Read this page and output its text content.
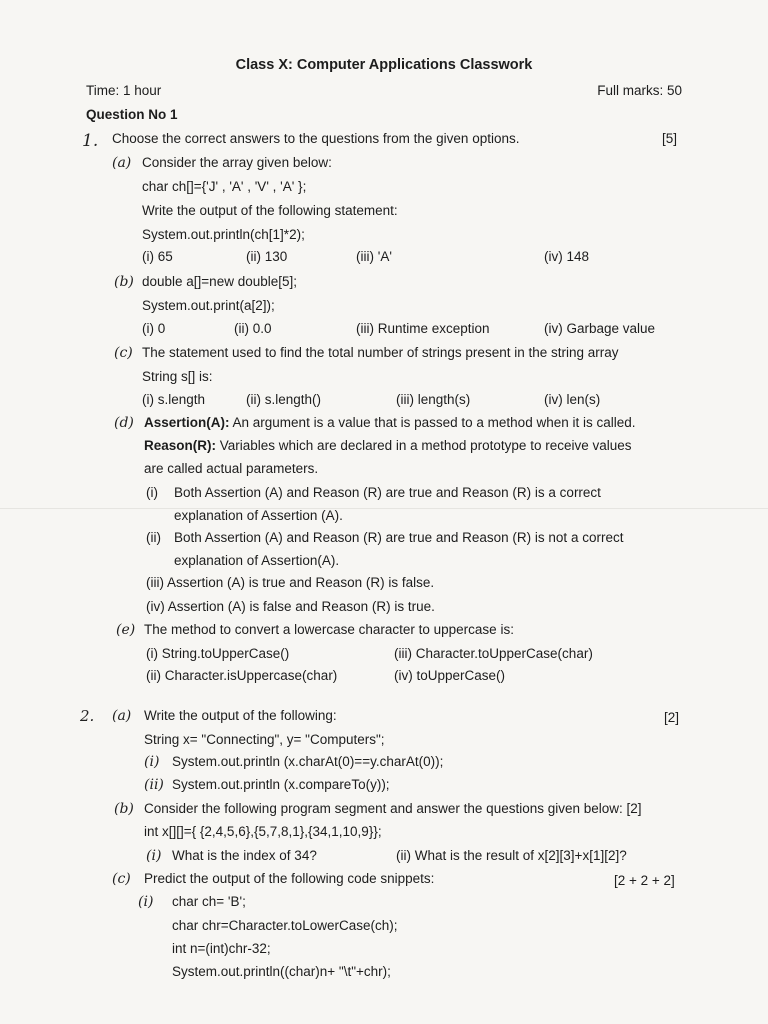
Class X: Computer Applications Classwork
Time: 1 hour	Full marks: 50
Question No 1
1. Choose the correct answers to the questions from the given options.	[5]
(a) Consider the array given below:
char ch[]={'J' , 'A' , 'V' , 'A' };
Write the output of the following statement:
System.out.println(ch[1]*2);
(i) 65	(ii) 130	(iii) 'A'	(iv) 148
(b) double a[]=new double[5];
System.out.print(a[2]);
(i) 0	(ii) 0.0	(iii) Runtime exception	(iv) Garbage value
(c) The statement used to find the total number of strings present in the string array
String s[] is:
(i) s.length	(ii) s.length()	(iii) length(s)	(iv) len(s)
(d) Assertion(A): An argument is a value that is passed to a method when it is called.
Reason(R): Variables which are declared in a method prototype to receive values
are called actual parameters.
(i) Both Assertion (A) and Reason (R) are true and Reason (R) is a correct
explanation of Assertion (A).
(ii) Both Assertion (A) and Reason (R) are true and Reason (R) is not a correct
explanation of Assertion(A).
(iii) Assertion (A) is true and Reason (R) is false.
(iv) Assertion (A) is false and Reason (R) is true.
(e) The method to convert a lowercase character to uppercase is:
(i) String.toUpperCase()	(iii) Character.toUpperCase(char)
(ii) Character.isUppercase(char)	(iv) toUpperCase()
2. (a) Write the output of the following:	[2]
String x= "Connecting", y= "Computers";
(i) System.out.println (x.charAt(0)==y.charAt(0));
(ii) System.out.println (x.compareTo(y));
(b) Consider the following program segment and answer the questions given below: [2]
int x[][]={ {2,4,5,6},{5,7,8,1},{34,1,10,9}};
(i) What is the index of 34?	(ii) What is the result of x[2][3]+x[1][2]?
(c) Predict the output of the following code snippets:	[2 + 2 + 2]
(i) char ch= 'B';
char chr=Character.toLowerCase(ch);
int n=(int)chr-32;
System.out.println((char)n+ "\t"+chr);
